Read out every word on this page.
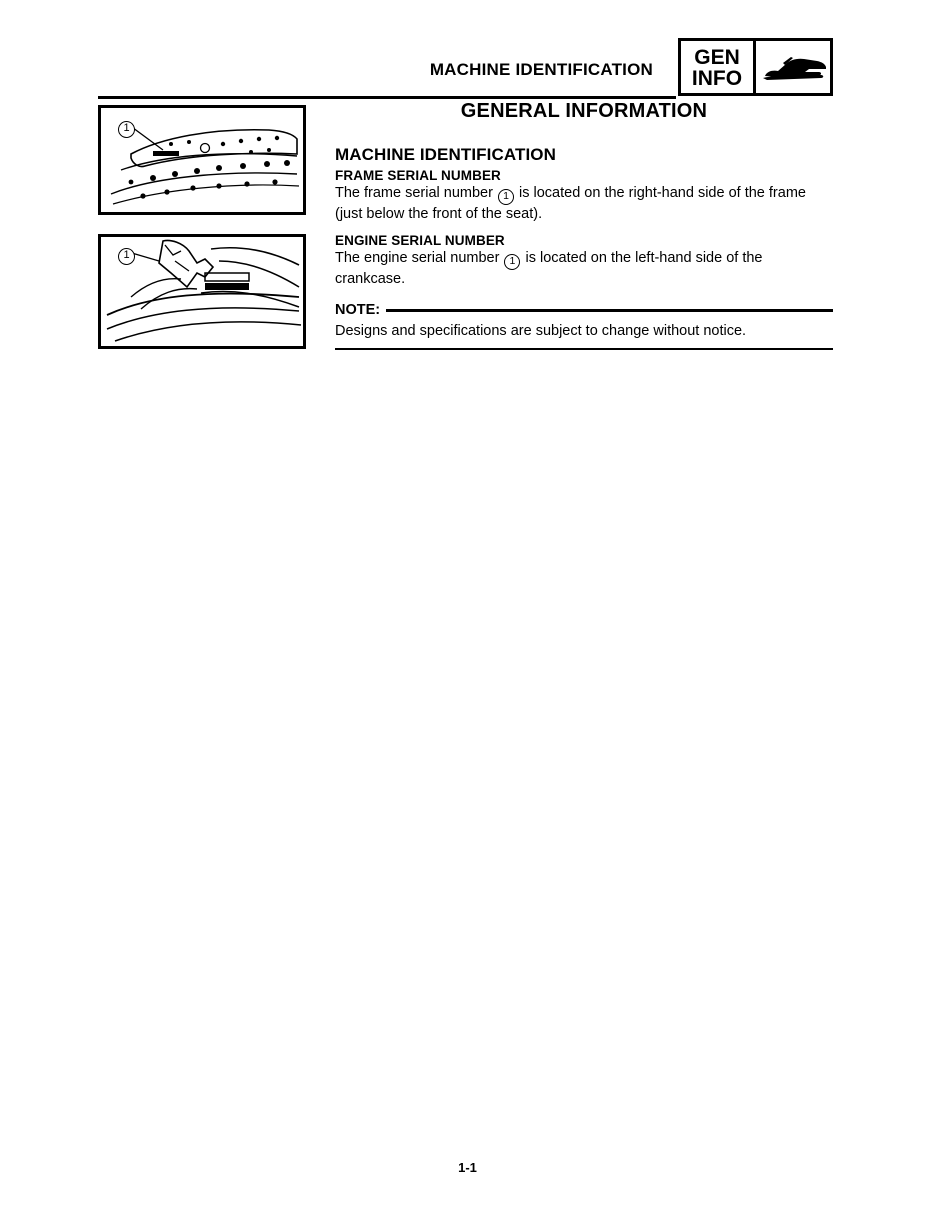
MACHINE IDENTIFICATION
GEN
INFO
1
1
GENERAL INFORMATION
MACHINE IDENTIFICATION
FRAME SERIAL NUMBER

The frame serial number 1 is located on the right-hand side of the frame (just below the front of the seat).

ENGINE SERIAL NUMBER

The engine serial number 1 is located on the left-hand side of the crankcase.

NOTE:

Designs and specifications are subject to change without notice.

1-1
